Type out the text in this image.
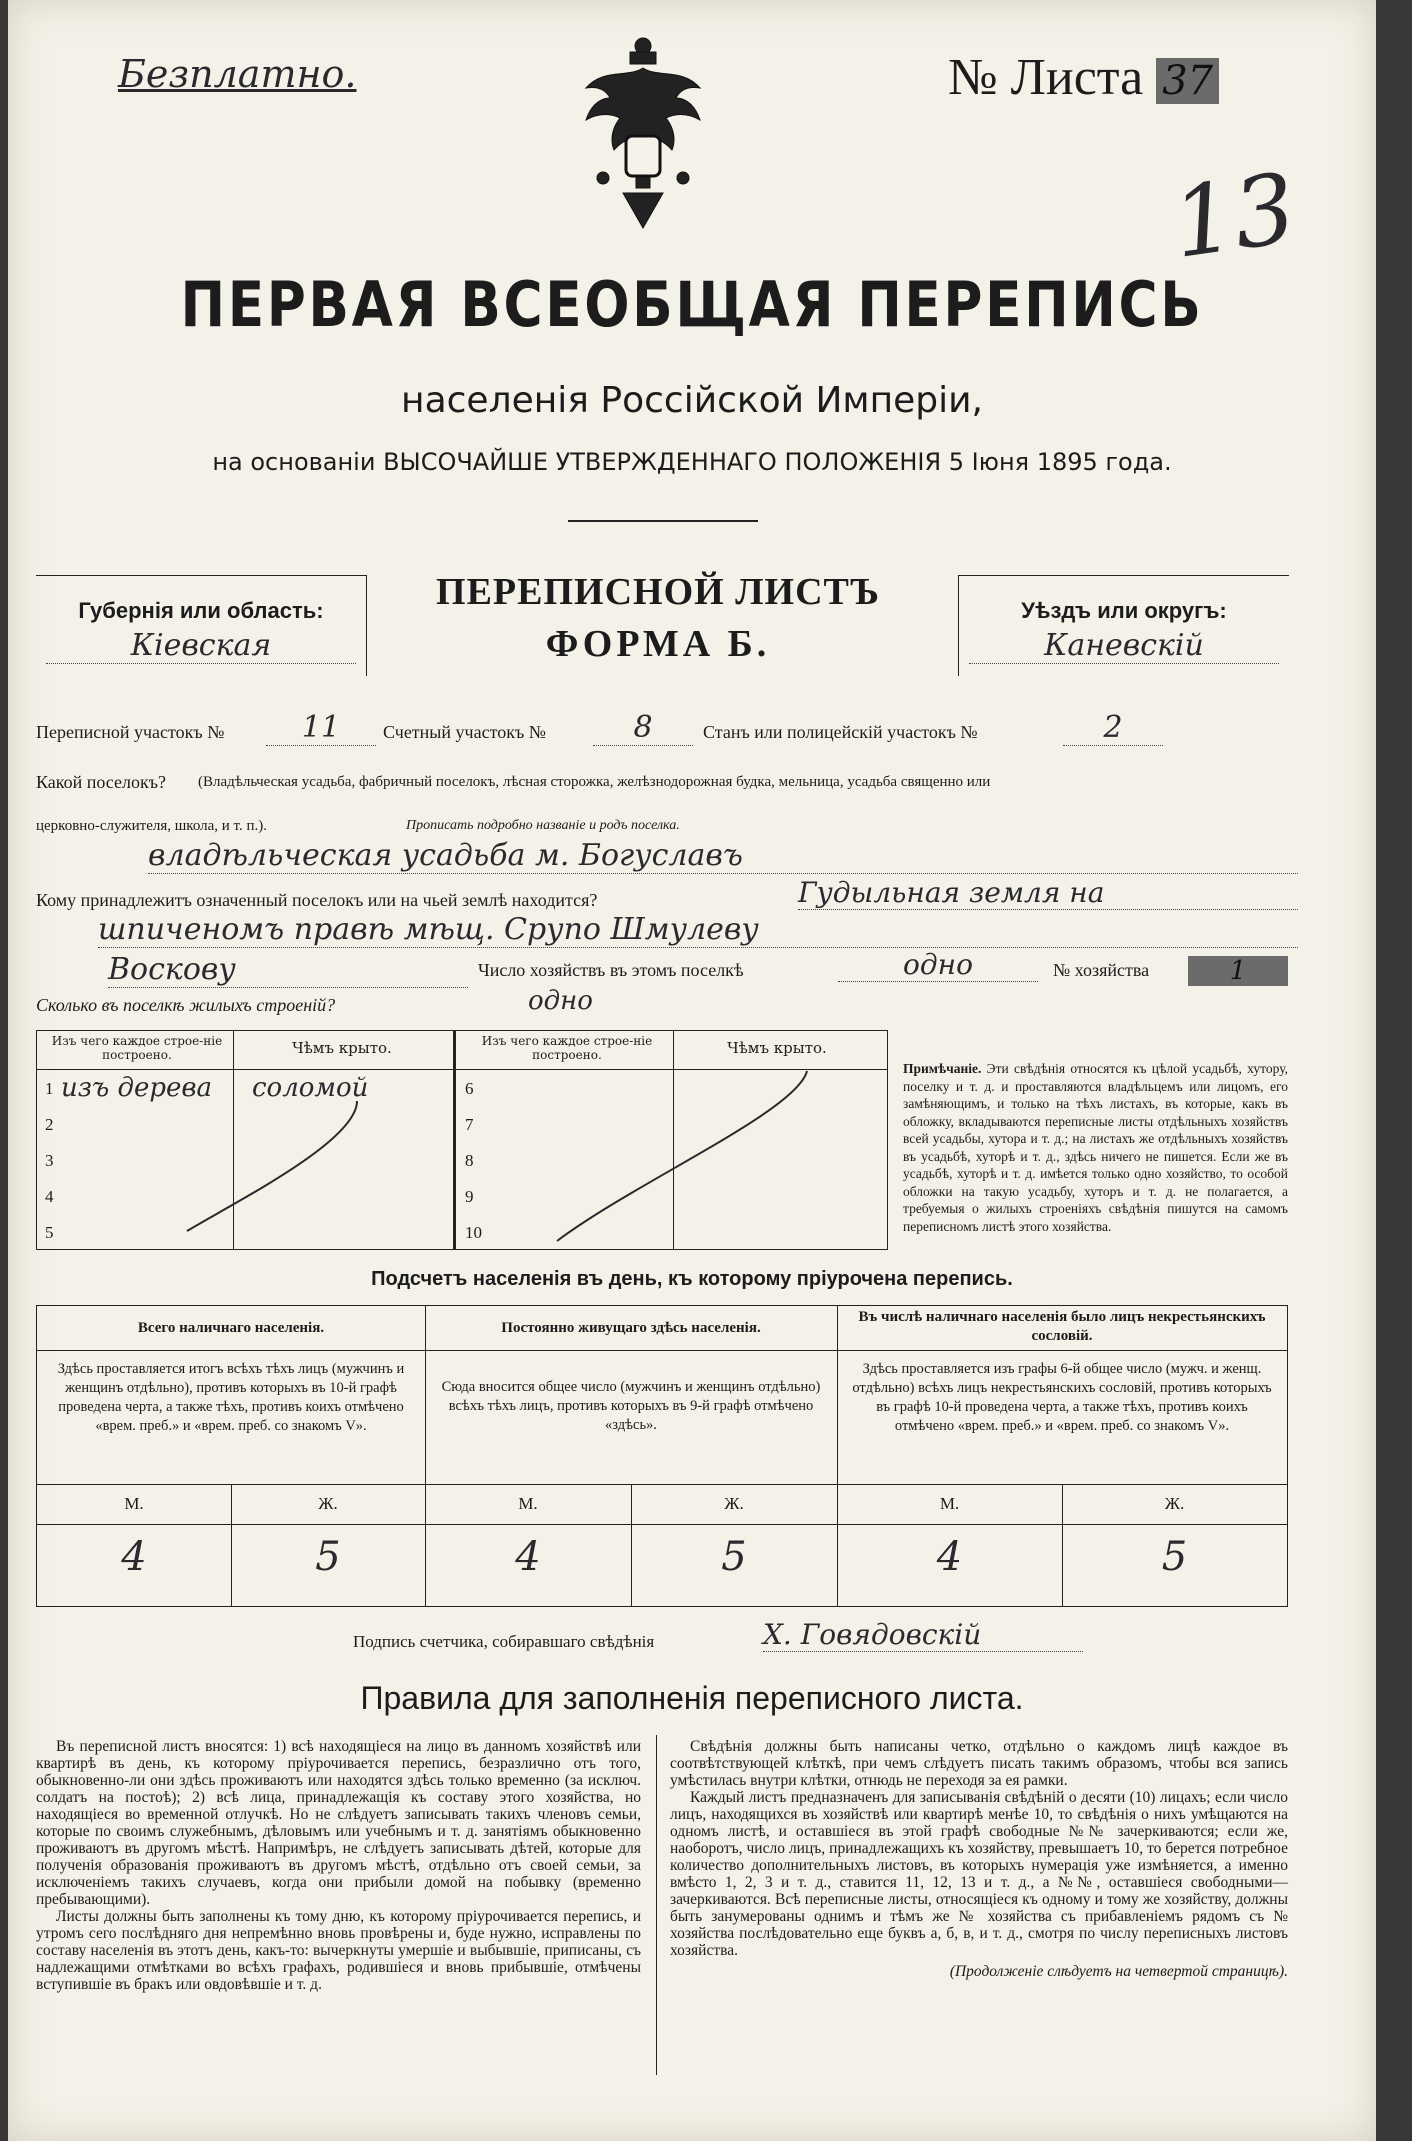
Безплатно.	№ Листа 37
13
ПЕРВАЯ ВСЕОБЩАЯ ПЕРЕПИСЬ
населенія Россійской Имперіи,
на основаніи ВЫСОЧАЙШЕ УТВЕРЖДЕННАГО ПОЛОЖЕНІЯ 5 Іюня 1895 года.
Губернія или область:
Кіевская
ПЕРЕПИСНОЙ ЛИСТЪ
ФОРМА Б.
Уѣздъ или округъ:
Каневскій
Переписной участокъ №	11	Счетный участокъ №	8	Станъ или полицейскій участокъ №	2
Какой поселокъ? (Владѣльческая усадьба, фабричный поселокъ, лѣсная сторожка, желѣзнодорожная будка, мельница, усадьба священно или
церковно-служителя, школа, и т. п.).	Прописать подробно названіе и родъ поселка.
владѣльческая усадьба м. Богуславъ
Кому принадлежитъ означенный поселокъ или на чьей землѣ находится?	Гудыльная земля на
шпиченомъ правѣ мѣщ. Срупо Шмулеву
Воскову	Число хозяйствъ въ этомъ поселкѣ	одно	№ хозяйства	1
Сколько въ поселкѣ жилыхъ строеній?	одно
Изъ чего каждое строе-ніе построено.	Чѣмъ крыто.	Изъ чего каждое строе-ніе построено.	Чѣмъ крыто.
1 изъ дерева соломой
2
3
4
5
6
7
8
9
10
Примѣчаніе. Эти свѣдѣнія относятся къ цѣлой усадьбѣ, хутору, поселку и т. д. и проставляются владѣльцемъ или лицомъ, его замѣняющимъ, и только на тѣхъ листахъ, въ которые, какъ въ обложку, вкладываются переписные листы отдѣльныхъ хозяйствъ всей усадьбы, хутора и т. д.; на листахъ же отдѣльныхъ хозяйствъ въ усадьбѣ, хуторѣ и т. д., здѣсь ничего не пишется. Если же въ усадьбѣ, хуторѣ и т. д. имѣется только одно хозяйство, то особой обложки на такую усадьбу, хуторъ и т. д. не полагается, а требуемыя о жилыхъ строеніяхъ свѣдѣнія пишутся на самомъ переписномъ листѣ этого хозяйства.
Подсчетъ населенія въ день, къ которому пріурочена перепись.
Всего наличнаго населенія.	Постоянно живущаго здѣсь населенія.
Въ числѣ наличнаго населенія было лицъ некрестьянскихъ сословій.
Здѣсь проставляется итогъ всѣхъ тѣхъ лицъ (мужчинъ и женщинъ отдѣльно), противъ которыхъ въ 10-й графѣ проведена черта, а также тѣхъ, противъ коихъ отмѣчено «врем. преб.» и «врем. преб. со знакомъ V».
Сюда вносится общее число (мужчинъ и женщинъ отдѣльно) всѣхъ тѣхъ лицъ, противъ которыхъ въ 9-й графѣ отмѣчено «здѣсь».
Здѣсь проставляется изъ графы 6-й общее число (мужч. и женщ. отдѣльно) всѣхъ лицъ некрестьянскихъ сословій, противъ которыхъ въ графѣ 10-й проведена черта, а также тѣхъ, противъ коихъ отмѣчено «врем. преб.» и «врем. преб. со знакомъ V».
М.	Ж.	М.	Ж.	М.	Ж.
4	5	4	5	4	5
Подпись счетчика, собиравшаго свѣдѣнія	Х. Говядовскій
Правила для заполненія переписного листа.

Въ переписной листъ вносятся: 1) всѣ находящіеся на лицо въ данномъ хозяйствѣ или квартирѣ въ день, къ которому пріурочивается перепись, безразлично отъ того, обыкновенно-ли они здѣсь проживаютъ или находятся здѣсь только временно (за исключ. солдатъ на постоѣ); 2) всѣ лица, принадлежащія къ составу этого хозяйства, но находящіеся во временной отлучкѣ. Но не слѣдуетъ записывать такихъ членовъ семьи, которые по своимъ служебнымъ, дѣловымъ или учебнымъ и т. д. занятіямъ обыкновенно проживаютъ въ другомъ мѣстѣ. Напримѣръ, не слѣдуетъ записывать дѣтей, которые для полученія образованія проживаютъ въ другомъ мѣстѣ, отдѣльно отъ своей семьи, за исключеніемъ такихъ случаевъ, когда они прибыли домой на побывку (временно пребывающими).

Листы должны быть заполнены къ тому дню, къ которому пріурочивается перепись, и утромъ сего послѣдняго дня непремѣнно вновь провѣрены и, буде нужно, исправлены по составу населенія въ этотъ день, какъ-то: вычеркнуты умершіе и выбывшіе, приписаны, съ надлежащими отмѣтками во всѣхъ графахъ, родившіеся и вновь прибывшіе, отмѣчены вступившіе въ бракъ или овдовѣвшіе и т. д.

Свѣдѣнія должны быть написаны четко, отдѣльно о каждомъ лицѣ каждое въ соотвѣтствующей клѣткѣ, при чемъ слѣдуетъ писать такимъ образомъ, чтобы вся запись умѣстилась внутри клѣтки, отнюдь не переходя за ея рамки.

Каждый листъ предназначенъ для записыванія свѣдѣній о десяти (10) лицахъ; если число лицъ, находящихся въ хозяйствѣ или квартирѣ менѣе 10, то свѣдѣнія о нихъ умѣщаются на одномъ листѣ, и оставшіеся въ этой графѣ свободные №№ зачеркиваются; если же, наоборотъ, число лицъ, принадлежащихъ къ хозяйству, превышаетъ 10, то берется потребное количество дополнительныхъ листовъ, въ которыхъ нумерація уже измѣняется, а именно вмѣсто 1, 2, 3 и т. д., ставится 11, 12, 13 и т. д., а №№, оставшіеся свободными—зачеркиваются. Всѣ переписные листы, относящіеся къ одному и тому же хозяйству, должны быть занумерованы однимъ и тѣмъ же № хозяйства съ прибавленіемъ рядомъ съ № хозяйства послѣдовательно еще буквъ а, б, в, и т. д., смотря по числу переписныхъ листовъ хозяйства.

(Продолженіе слѣдуетъ на четвертой страницѣ).
